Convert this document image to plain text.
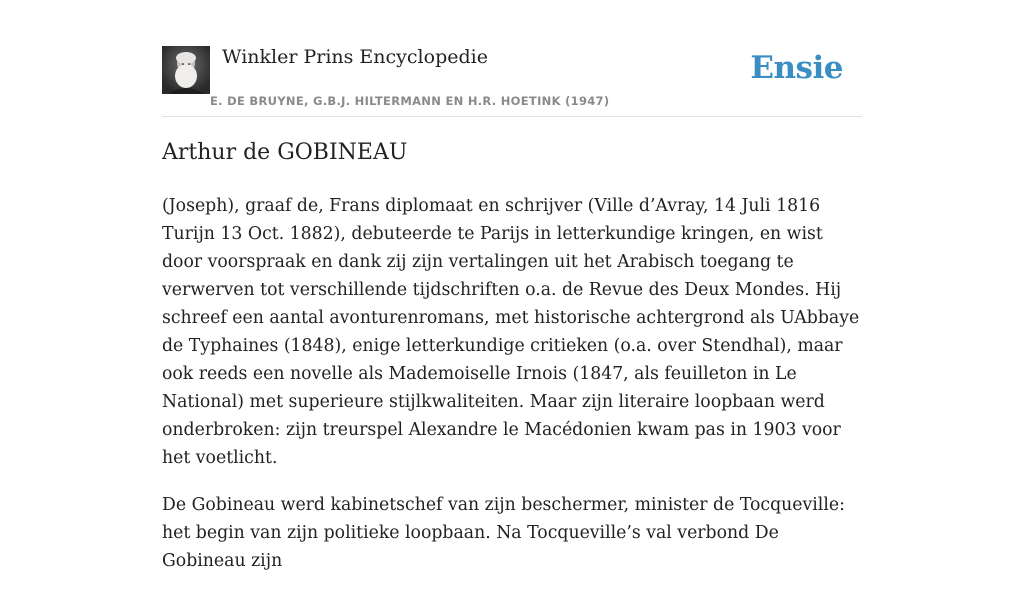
Winkler Prins Encyclopedie
E. DE BRUYNE, G.B.J. HILTERMANN EN H.R. HOETINK (1947)
Ensie
Arthur de GOBINEAU

(Joseph), graaf de, Frans diplomaat en schrijver (Ville d’Avray, 14 Juli 1816 Turijn 13 Oct. 1882), debuteerde te Parijs in letterkundige kringen, en wist door voorspraak en dank zij zijn vertalingen uit het Arabisch toegang te verwerven tot verschillende tijdschriften o.a. de Revue des Deux Mondes. Hij schreef een aantal avonturenromans, met historische achtergrond als UAbbaye de Typhaines (1848), enige letterkundige critieken (o.a. over Stendhal), maar ook reeds een novelle als Mademoiselle Irnois (1847, als feuilleton in Le National) met superieure stijlkwaliteiten. Maar zijn literaire loopbaan werd onderbroken: zijn treurspel Alexandre le Macédonien kwam pas in 1903 voor het voetlicht.

De Gobineau werd kabinetschef van zijn beschermer, minister de Tocqueville: het begin van zijn politieke loopbaan. Na Tocqueville’s val verbond De Gobineau zijn
